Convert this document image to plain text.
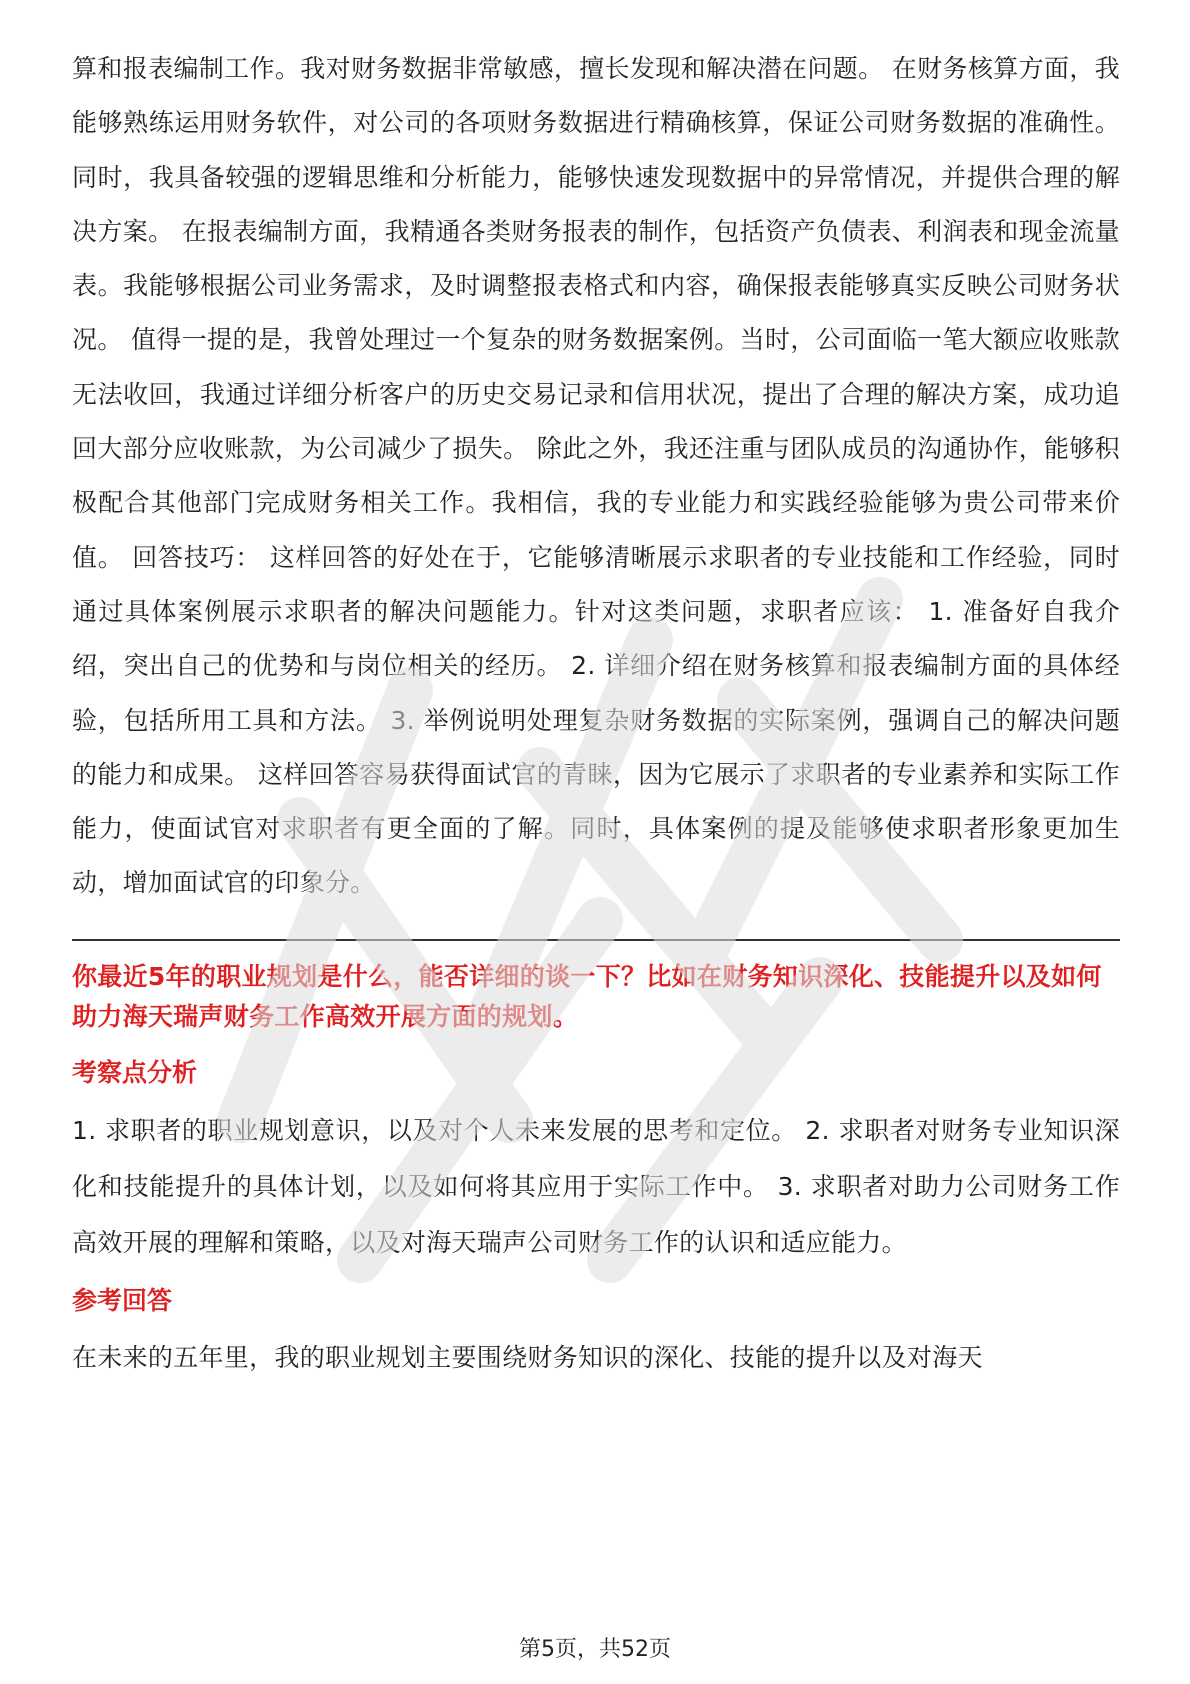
算和报表编制工作。我对财务数据非常敏感，擅长发现和解决潜在问题。 在财务核算方面，我能够熟练运用财务软件，对公司的各项财务数据进行精确核算，保证公司财务数据的准确性。同时，我具备较强的逻辑思维和分析能力，能够快速发现数据中的异常情况，并提供合理的解决方案。 在报表编制方面，我精通各类财务报表的制作，包括资产负债表、利润表和现金流量表。我能够根据公司业务需求，及时调整报表格式和内容，确保报表能够真实反映公司财务状况。 值得一提的是，我曾处理过一个复杂的财务数据案例。当时，公司面临一笔大额应收账款无法收回，我通过详细分析客户的历史交易记录和信用状况，提出了合理的解决方案，成功追回大部分应收账款，为公司减少了损失。 除此之外，我还注重与团队成员的沟通协作，能够积极配合其他部门完成财务相关工作。我相信，我的专业能力和实践经验能够为贵公司带来价值。 回答技巧： 这样回答的好处在于，它能够清晰展示求职者的专业技能和工作经验，同时通过具体案例展示求职者的解决问题能力。针对这类问题，求职者应该： 1. 准备好自我介绍，突出自己的优势和与岗位相关的经历。 2. 详细介绍在财务核算和报表编制方面的具体经验，包括所用工具和方法。 3. 举例说明处理复杂财务数据的实际案例，强调自己的解决问题的能力和成果。 这样回答容易获得面试官的青睐，因为它展示了求职者的专业素养和实际工作能力，使面试官对求职者有更全面的了解。同时，具体案例的提及能够使求职者形象更加生动，增加面试官的印象分。

你最近5年的职业规划是什么，能否详细的谈一下？比如在财务知识深化、技能提升以及如何助力海天瑞声财务工作高效开展方面的规划。

考察点分析

1. 求职者的职业规划意识，以及对个人未来发展的思考和定位。 2. 求职者对财务专业知识深化和技能提升的具体计划，以及如何将其应用于实际工作中。 3. 求职者对助力公司财务工作高效开展的理解和策略，以及对海天瑞声公司财务工作的认识和适应能力。

参考回答

在未来的五年里，我的职业规划主要围绕财务知识的深化、技能的提升以及对海天

第5页，共52页
